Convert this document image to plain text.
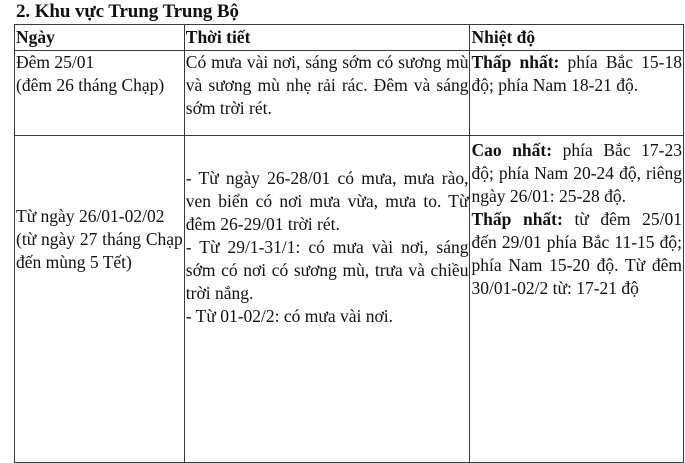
2. Khu vực Trung Trung Bộ
Ngày	Thời tiết	Nhiệt độ

Đêm 25/01
(đêm 26 tháng Chạp)	Có mưa vài nơi, sáng sớm có sương mù và sương mù nhẹ rải rác. Đêm và sáng sớm trời rét.	Thấp nhất: phía Bắc 15-18 độ; phía Nam 18-21 độ.

Từ ngày 26/01-02/02
(từ ngày 27 tháng Chạp đến mùng 5 Tết)	- Từ ngày 26-28/01 có mưa, mưa rào, ven biển có nơi mưa vừa, mưa to. Từ đêm 26-29/01 trời rét.
- Từ 29/1-31/1: có mưa vài nơi, sáng sớm có nơi có sương mù, trưa và chiều trời nắng.
- Từ 01-02/2: có mưa vài nơi.	Cao nhất: phía Bắc 17-23 độ; phía Nam 20-24 độ, riêng ngày 26/01: 25-28 độ.
Thấp nhất: từ đêm 25/01 đến 29/01 phía Bắc 11-15 độ; phía Nam 15-20 độ. Từ đêm 30/01-02/2 từ: 17-21 độ
